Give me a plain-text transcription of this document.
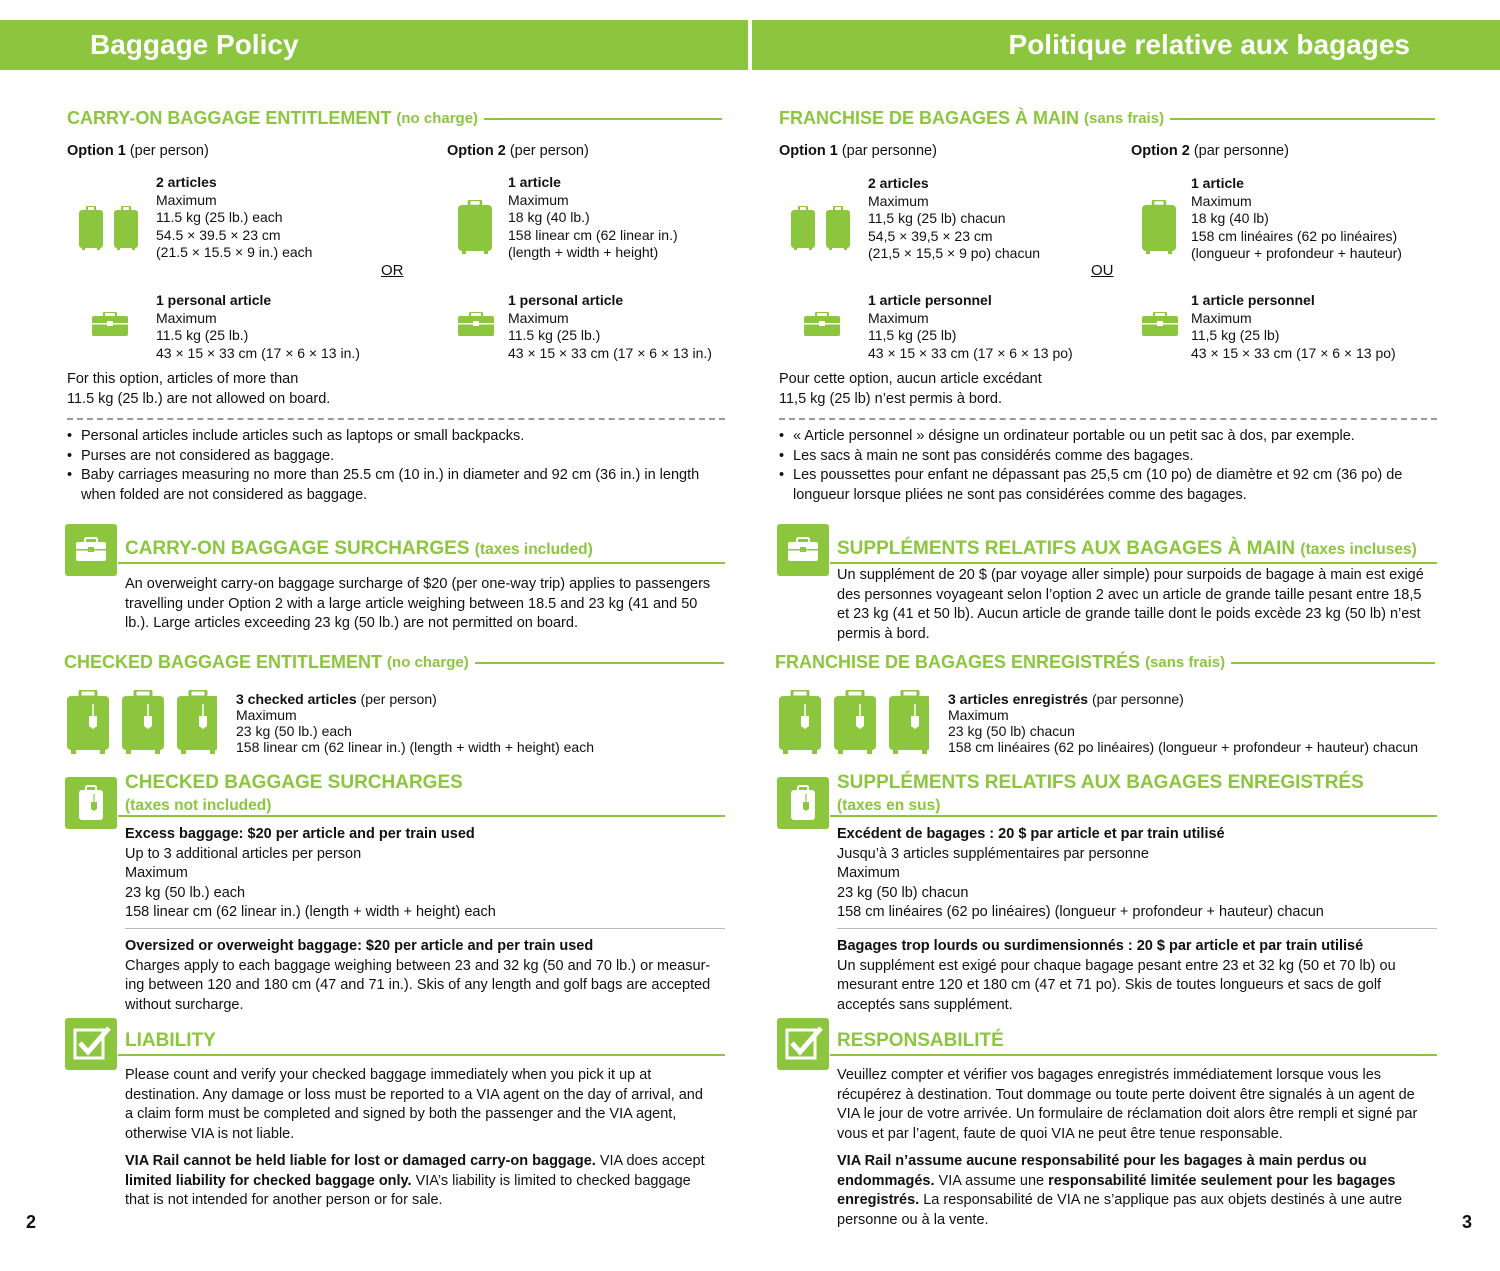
Baggage Policy
CARRY-ON BAGGAGE ENTITLEMENT
(no charge)
Option 1 (per person)	Option 2 (per person)
2 articles
Maximum
11.5 kg (25 lb.) each
54.5 × 39.5 × 23 cm
(21.5 × 15.5 × 9 in.) each
1 article
Maximum
18 kg (40 lb.)
158 linear cm (62 linear in.)
(length + width + height)
OR
1 personal article
Maximum
11.5 kg (25 lb.)
43 × 15 × 33 cm (17 × 6 × 13 in.)
1 personal article
Maximum
11.5 kg (25 lb.)
43 × 15 × 33 cm (17 × 6 × 13 in.)
For this option, articles of more than
11.5 kg (25 lb.) are not allowed on board.
• Personal articles include articles such as laptops or small backpacks.
• Purses are not considered as baggage.
• Baby carriages measuring no more than 25.5 cm (10 in.) in diameter and 92 cm (36 in.) in length when folded are not considered as baggage.
CARRY-ON BAGGAGE SURCHARGES (taxes included)
An overweight carry-on baggage surcharge of $20 (per one-way trip) applies to passengers travelling under Option 2 with a large article weighing between 18.5 and 23 kg (41 and 50 lb.). Large articles exceeding 23 kg (50 lb.) are not permitted on board.
CHECKED BAGGAGE ENTITLEMENT
(no charge)
3 checked articles (per person)
Maximum
23 kg (50 lb.) each
158 linear cm (62 linear in.) (length + width + height) each
CHECKED BAGGAGE SURCHARGES
(taxes not included)
Excess baggage: $20 per article and per train used
Up to 3 additional articles per person
Maximum
23 kg (50 lb.) each
158 linear cm (62 linear in.) (length + width + height) each
Oversized or overweight baggage: $20 per article and per train used
Charges apply to each baggage weighing between 23 and 32 kg (50 and 70 lb.) or measur-ing between 120 and 180 cm (47 and 71 in.). Skis of any length and golf bags are accepted without surcharge.
LIABILITY
Please count and verify your checked baggage immediately when you pick it up at destination. Any damage or loss must be reported to a VIA agent on the day of arrival, and a claim form must be completed and signed by both the passenger and the VIA agent, otherwise VIA is not liable.
VIA Rail cannot be held liable for lost or damaged carry-on baggage. VIA does accept limited liability for checked baggage only. VIA’s liability is limited to checked baggage that is not intended for another person or for sale.
2
Politique relative aux bagages
FRANCHISE DE BAGAGES À MAIN
(sans frais)
Option 1 (par personne)	Option 2 (par personne)
2 articles
Maximum
11,5 kg (25 lb) chacun
54,5 × 39,5 × 23 cm
(21,5 × 15,5 × 9 po) chacun
1 article
Maximum
18 kg (40 lb)
158 cm linéaires (62 po linéaires)
(longueur + profondeur + hauteur)
OU
1 article personnel
Maximum
11,5 kg (25 lb)
43 × 15 × 33 cm (17 × 6 × 13 po)
1 article personnel
Maximum
11,5 kg (25 lb)
43 × 15 × 33 cm (17 × 6 × 13 po)
Pour cette option, aucun article excédant
11,5 kg (25 lb) n’est permis à bord.
• « Article personnel » désigne un ordinateur portable ou un petit sac à dos, par exemple.
• Les sacs à main ne sont pas considérés comme des bagages.
• Les poussettes pour enfant ne dépassant pas 25,5 cm (10 po) de diamètre et 92 cm (36 po) de longueur lorsque pliées ne sont pas considérées comme des bagages.
SUPPLÉMENTS RELATIFS AUX BAGAGES À MAIN (taxes incluses)
Un supplément de 20 $ (par voyage aller simple) pour surpoids de bagage à main est exigé des personnes voyageant selon l’option 2 avec un article de grande taille pesant entre 18,5 et 23 kg (41 et 50 lb). Aucun article de grande taille dont le poids excède 23 kg (50 lb) n’est permis à bord.
FRANCHISE DE BAGAGES ENREGISTRÉS
(sans frais)
3 articles enregistrés (par personne)
Maximum
23 kg (50 lb) chacun
158 cm linéaires (62 po linéaires) (longueur + profondeur + hauteur) chacun
SUPPLÉMENTS RELATIFS AUX BAGAGES ENREGISTRÉS
(taxes en sus)
Excédent de bagages : 20 $ par article et par train utilisé
Jusqu’à 3 articles supplémentaires par personne
Maximum
23 kg (50 lb) chacun
158 cm linéaires (62 po linéaires) (longueur + profondeur + hauteur) chacun
Bagages trop lourds ou surdimensionnés : 20 $ par article et par train utilisé
Un supplément est exigé pour chaque bagage pesant entre 23 et 32 kg (50 et 70 lb) ou mesurant entre 120 et 180 cm (47 et 71 po). Skis de toutes longueurs et sacs de golf acceptés sans supplément.
RESPONSABILITÉ
Veuillez compter et vérifier vos bagages enregistrés immédiatement lorsque vous les récupérez à destination. Tout dommage ou toute perte doivent être signalés à un agent de VIA le jour de votre arrivée. Un formulaire de réclamation doit alors être rempli et signé par vous et par l’agent, faute de quoi VIA ne peut être tenue responsable.
VIA Rail n’assume aucune responsabilité pour les bagages à main perdus ou endommagés. VIA assume une responsabilité limitée seulement pour les bagages enregistrés. La responsabilité de VIA ne s’applique pas aux objets destinés à une autre personne ou à la vente.	3
